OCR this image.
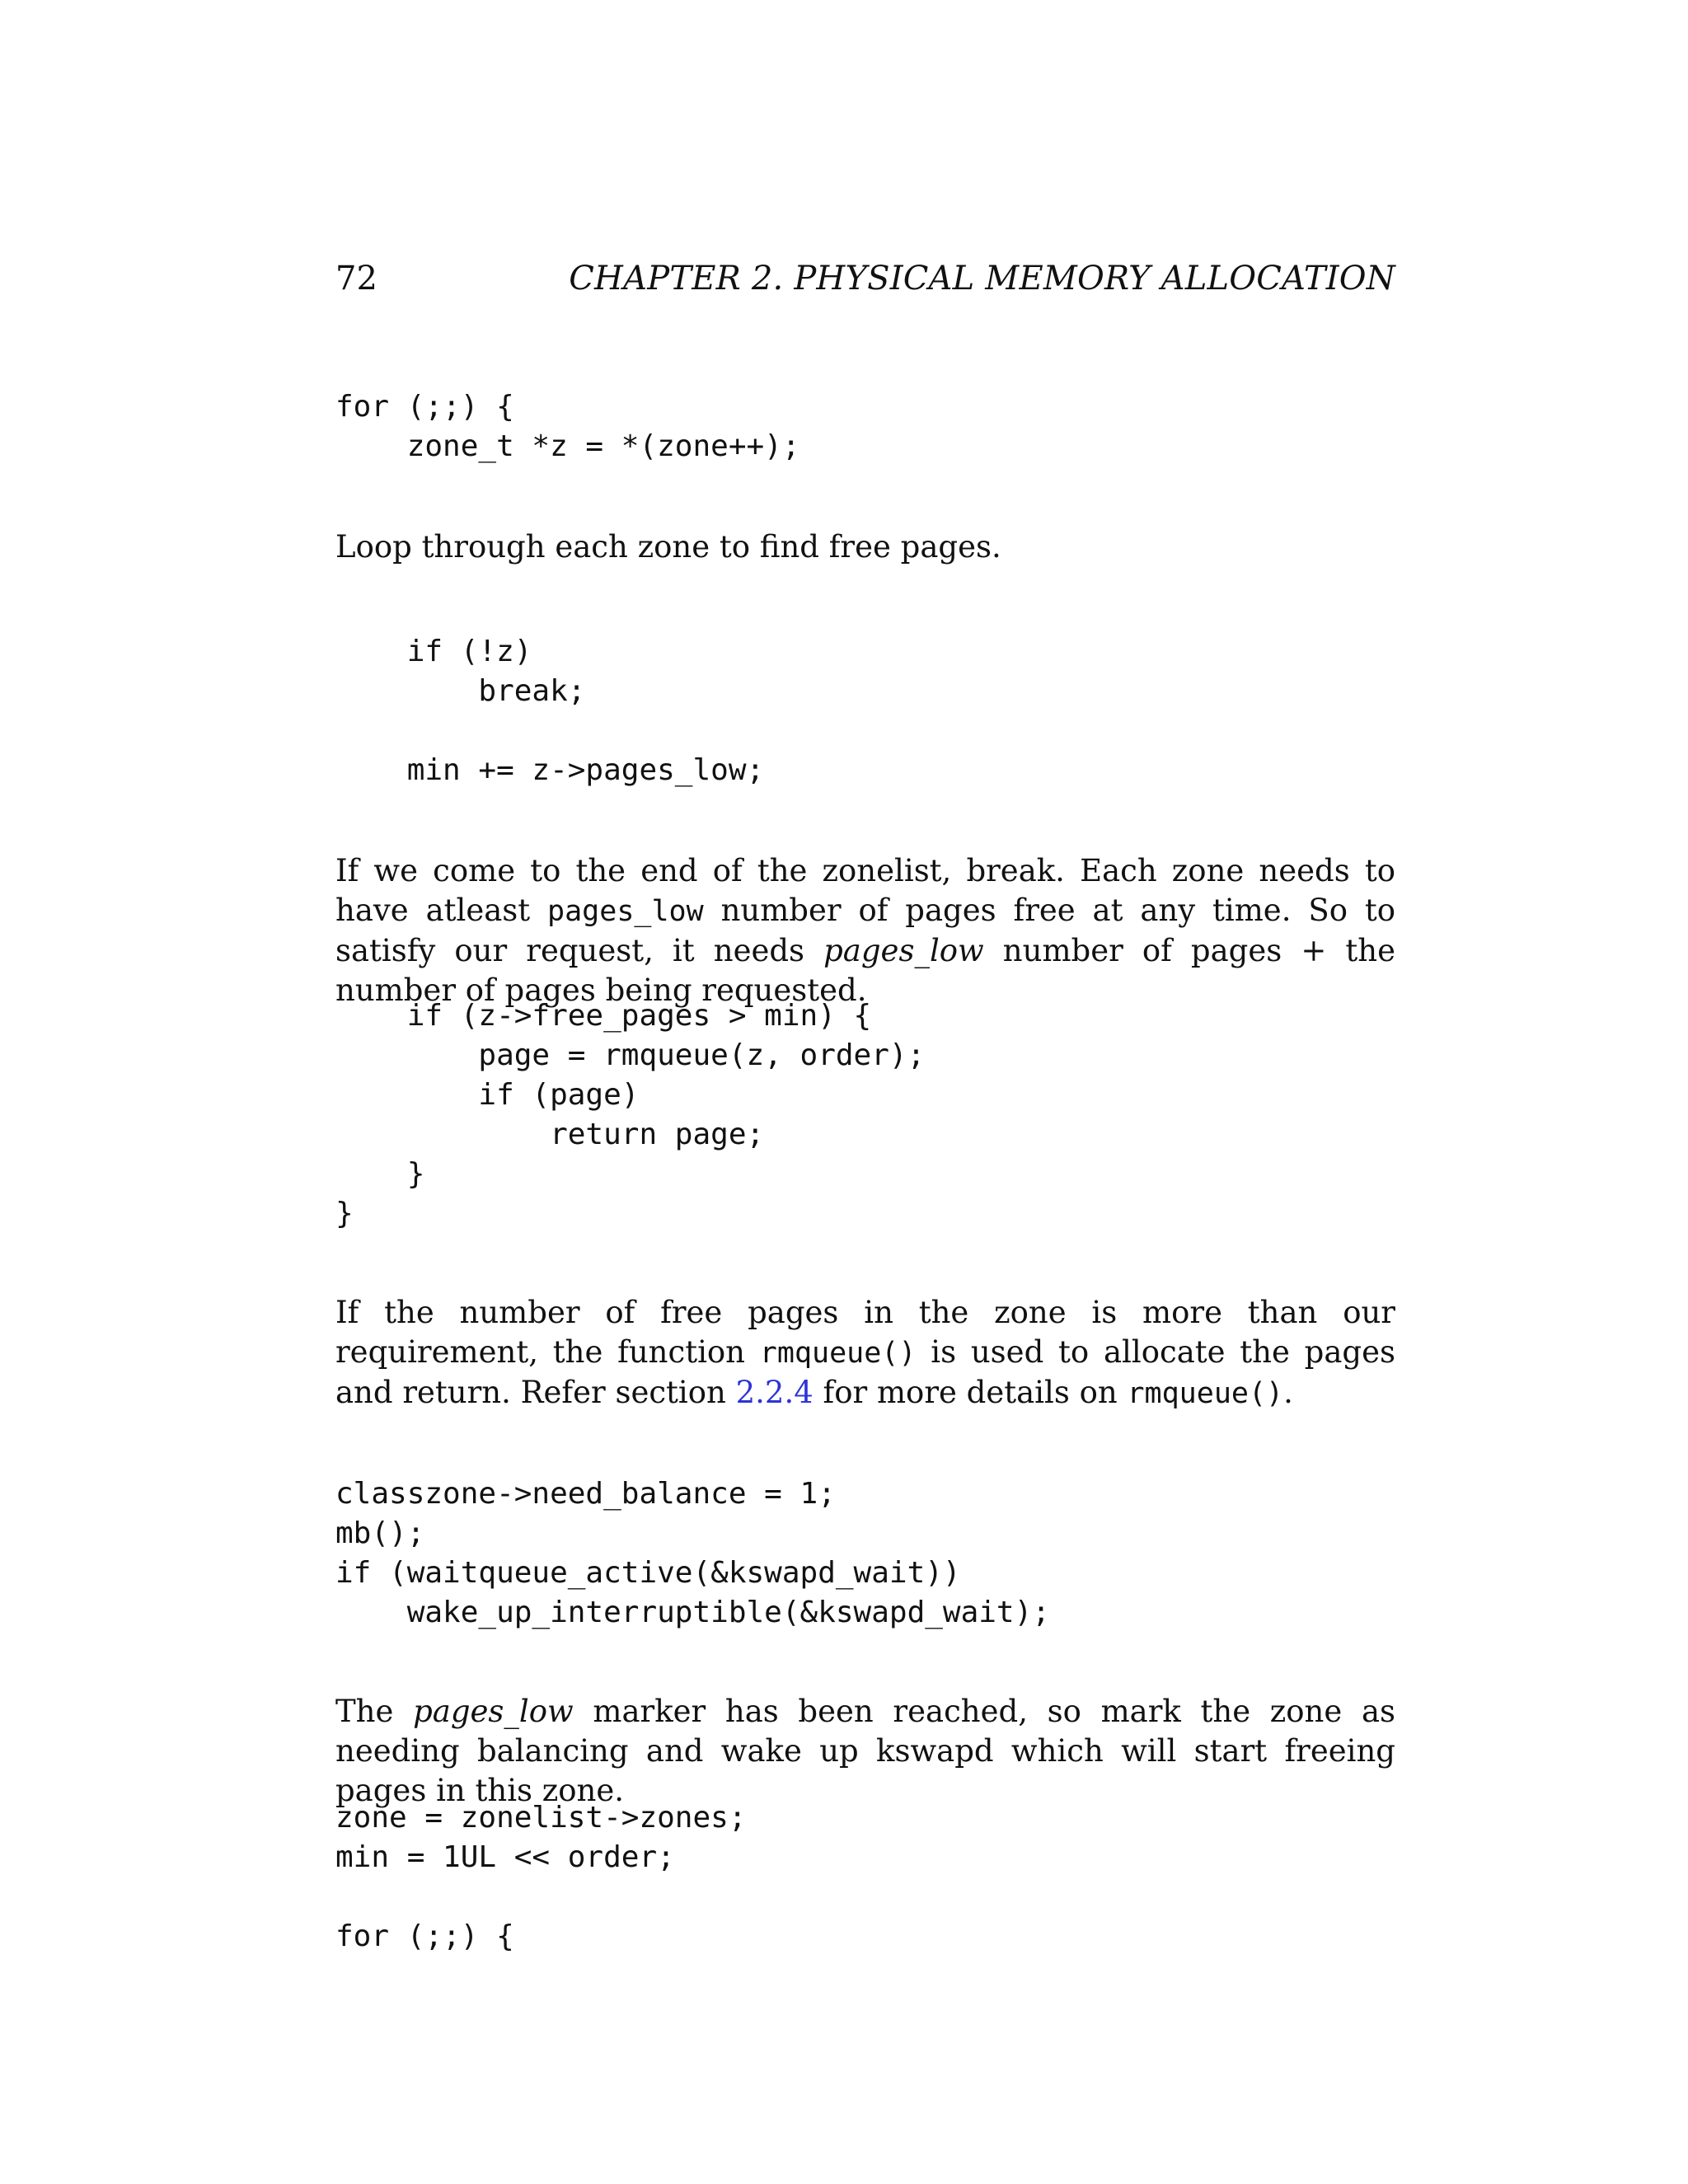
72	CHAPTER 2. PHYSICAL MEMORY ALLOCATION
for (;;) {
zone_t *z = *(zone++);

Loop through each zone to find free pages.

if (!z)
break;

min += z->pages_low;

If we come to the end of the zonelist, break. Each zone needs to have atleast pages_low number of pages free at any time. So to satisfy our request, it needs pages_low number of pages + the number of pages being requested.

if (z->free_pages > min) {
page = rmqueue(z, order);
if (page)
return page;
}
}

If the number of free pages in the zone is more than our requirement, the function rmqueue() is used to allocate the pages and return. Refer section 2.2.4 for more details on rmqueue().

classzone->need_balance = 1;
mb();
if (waitqueue_active(&kswapd_wait))
wake_up_interruptible(&kswapd_wait);

The pages_low marker has been reached, so mark the zone as needing balancing and wake up kswapd which will start freeing pages in this zone.

zone = zonelist->zones;
min = 1UL << order;

for (;;) {
